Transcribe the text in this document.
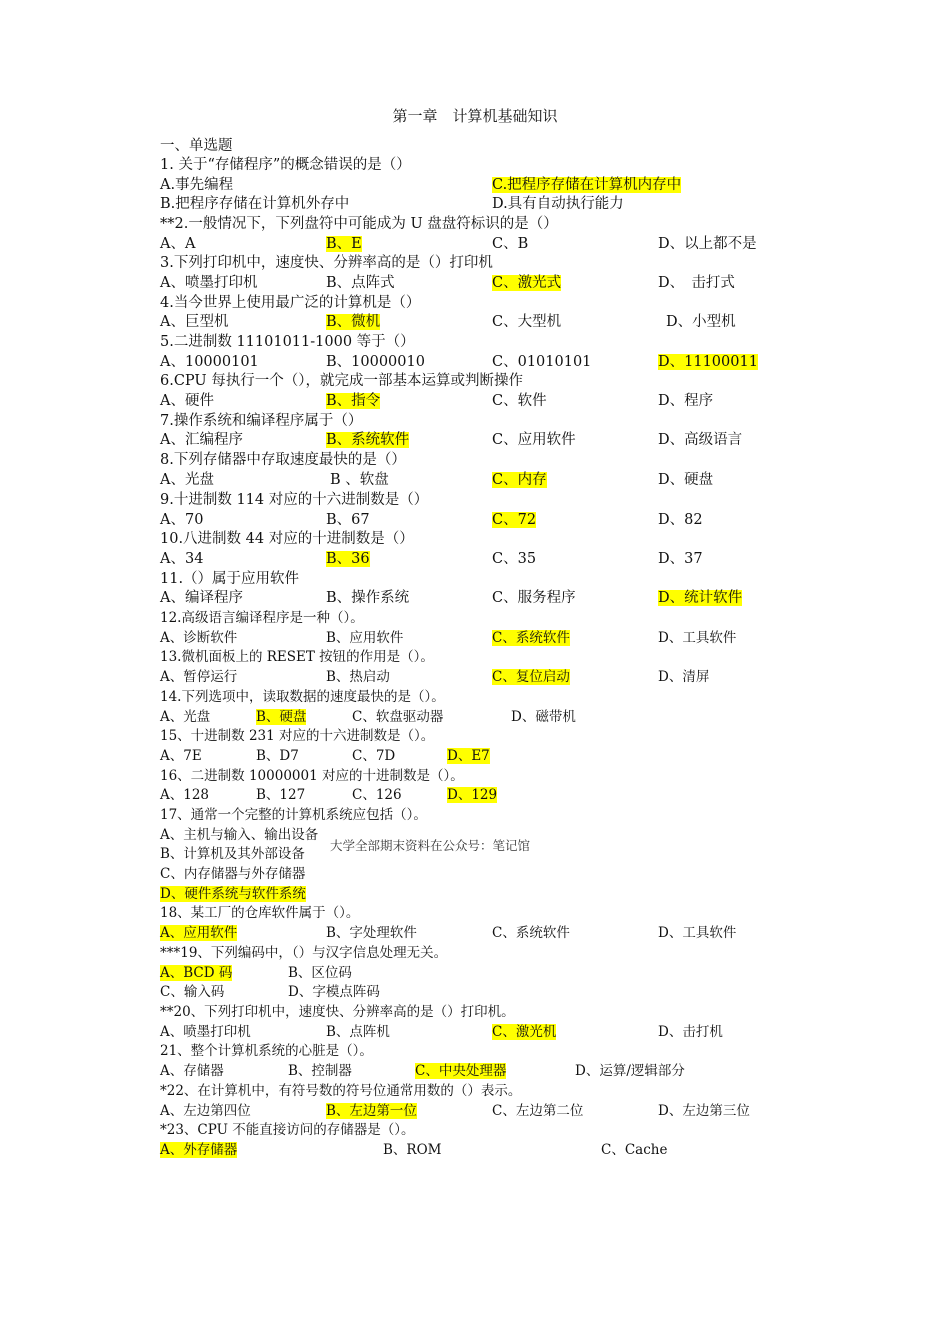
第一章　计算机基础知识
一、单选题
1. 关于“存储程序”的概念错误的是（）
A.事先编程	C.把程序存储在计算机内存中
B.把程序存储在计算机外存中	D.具有自动执行能力
**2.一般情况下，下列盘符中可能成为 U 盘盘符标识的是（）
A、A	B、E	C、B	D、以上都不是
3.下列打印机中，速度快、分辨率高的是（）打印机
A、喷墨打印机	B、点阵式	C、激光式	D、　击打式
4.当今世界上使用最广泛的计算机是（）
A、巨型机	B、微机	C、大型机	D、小型机
5.二进制数 11101011-1000 等于（）
A、10000101	B、10000010	C、01010101	D、11100011
6.CPU 每执行一个（），就完成一部基本运算或判断操作
A、硬件	B、指令	C、软件	D、程序
7.操作系统和编译程序属于（）
A、汇编程序	B、系统软件	C、应用软件	D、高级语言
8.下列存储器中存取速度最快的是（）
A、光盘	B 、软盘	C、内存	D、硬盘
9.十进制数 114 对应的十六进制数是（）
A、70	B、67	C、72	D、82
10.八进制数 44 对应的十进制数是（）
A、34	B、36	C、35	D、37
11.（）属于应用软件
A、编译程序	B、操作系统	C、服务程序	D、统计软件
12.高级语言编译程序是一种（）。
A、诊断软件	B、应用软件	C、系统软件	D、工具软件
13.微机面板上的 RESET 按钮的作用是（）。
A、暂停运行	B、热启动	C、复位启动	D、清屏
14.下列选项中，读取数据的速度最快的是（）。
A、光盘	B、硬盘	C、软盘驱动器	D、磁带机
15、十进制数 231 对应的十六进制数是（）。
A、7E	B、D7	C、7D	D、E7
16、二进制数 10000001 对应的十进制数是（）。
A、128	B、127	C、126	D、129
17、通常一个完整的计算机系统应包括（）。
A、主机与输入、输出设备
B、计算机及其外部设备
C、内存储器与外存储器
D、硬件系统与软件系统
18、某工厂的仓库软件属于（）。
A、应用软件	B、字处理软件	C、系统软件	D、工具软件
***19、下列编码中，（）与汉字信息处理无关。
A、BCD 码	B、区位码
C、输入码	D、字模点阵码
**20、下列打印机中，速度快、分辨率高的是（）打印机。
A、喷墨打印机	B、点阵机	C、激光机	D、击打机
21、整个计算机系统的心脏是（）。
A、存储器	B、控制器	C、中央处理器	D、运算/逻辑部分
*22、在计算机中，有符号数的符号位通常用数的（）表示。
A、左边第四位	B、左边第一位	C、左边第二位	D、左边第三位
*23、CPU 不能直接访问的存储器是（）。
A、外存储器	B、ROM	C、Cache
大学全部期末资料在公众号：笔记馆
